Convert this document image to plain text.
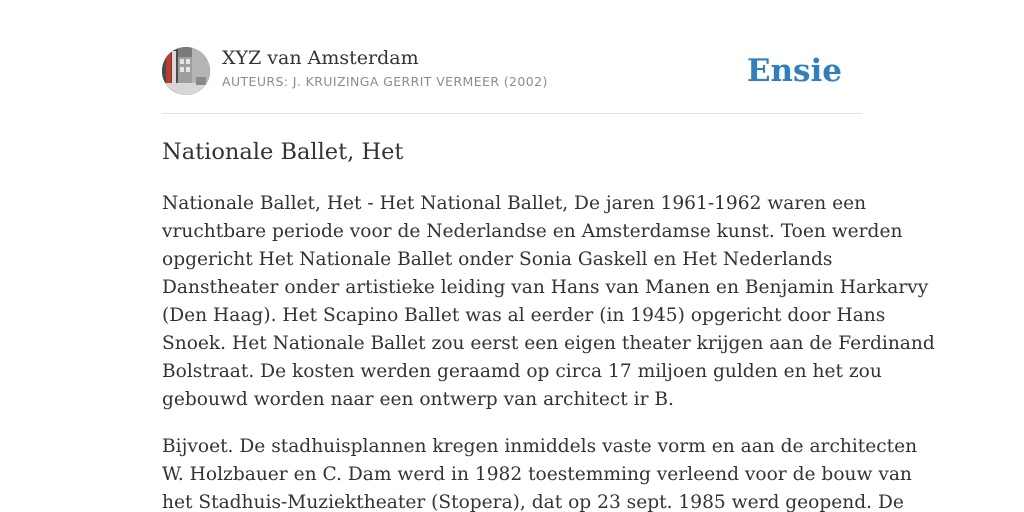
XYZ van Amsterdam
AUTEURS: J. KRUIZINGA GERRIT VERMEER (2002)	Ensie
Nationale Ballet, Het

Nationale Ballet, Het - Het National Ballet, De jaren 1961-1962 waren een
vruchtbare periode voor de Nederlandse en Amsterdamse kunst. Toen werden
opgericht Het Nationale Ballet onder Sonia Gaskell en Het Nederlands
Danstheater onder artistieke leiding van Hans van Manen en Benjamin Harkarvy
(Den Haag). Het Scapino Ballet was al eerder (in 1945) opgericht door Hans
Snoek. Het Nationale Ballet zou eerst een eigen theater krijgen aan de Ferdinand
Bolstraat. De kosten werden geraamd op circa 17 miljoen gulden en het zou
gebouwd worden naar een ontwerp van architect ir B.

Bijvoet. De stadhuisplannen kregen inmiddels vaste vorm en aan de architecten
W. Holzbauer en C. Dam werd in 1982 toestemming verleend voor de bouw van
het Stadhuis-Muziektheater (Stopera), dat op 23 sept. 1985 werd geopend. De
